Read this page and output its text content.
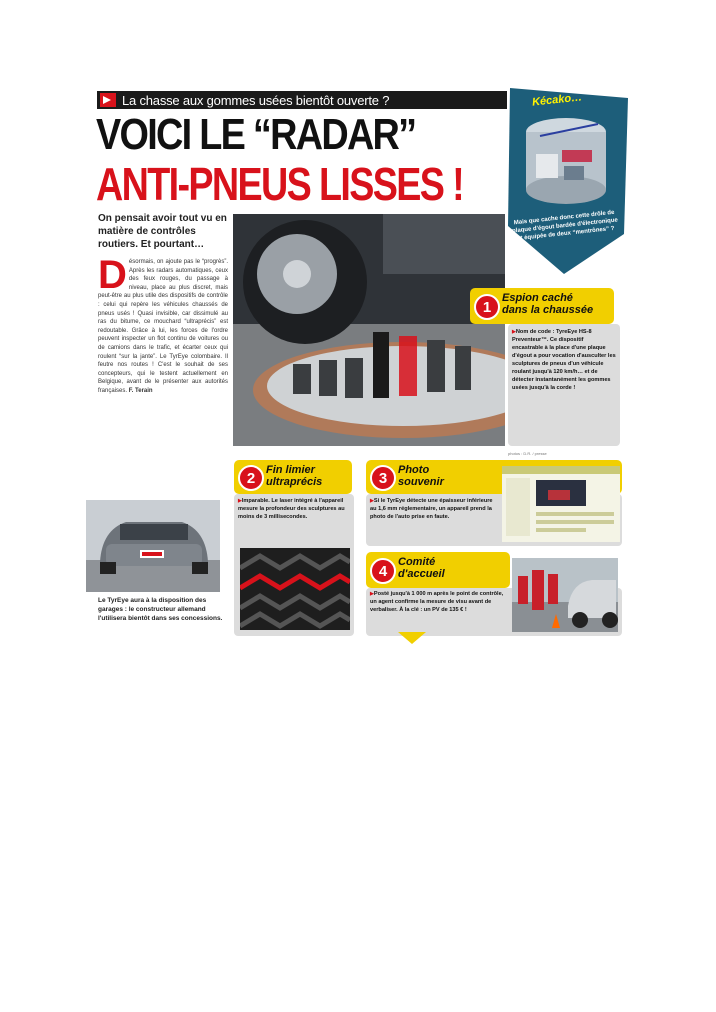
La chasse aux gommes usées bientôt ouverte ?
VOICI LE “RADAR”
ANTI-PNEUS LISSES !
Kécako…
Mais que cache donc cette drôle de plaque d'égout bardée d'électronique et équipée de deux “mentrônes” ?
On pensait avoir tout vu en matière de contrôles routiers. Et pourtant…
Désormais, on ajoute pas le “progrès”. Après les radars automatiques, ceux des feux rouges, du passage à niveau, place au plus discret, mais peut-être au plus utile des dispositifs de contrôle : celui qui repère les véhicules chaussés de pneus usés ! Quasi invisible, car dissimulé au ras du bitume, ce mouchard “ultraprécis” est redoutable. Grâce à lui, les forces de l'ordre peuvent inspecter un flot continu de voitures ou de camions dans le trafic, et écarter ceux qui roulent “sur la jante”. Le TyrEye colombaire. Il feutre nos routes ! C'est le souhait de ses concepteurs, qui le testent actuellement en Belgique, avant de le présenter aux autorités françaises. F. Terain
Le TyrEye aura à la disposition des garages : le constructeur allemand l'utilisera bientôt dans ses concessions.
photos : D.R. / presse
1
Espion caché
dans la chaussée
▶ Nom de code : TyreEye HS-8 Preventeur™. Ce dispositif encastrable à la place d'une plaque d'égout a pour vocation d'ausculter les sculptures de pneus d'un véhicule roulant jusqu'à 120 km/h… et de détecter instantanément les gommes usées jusqu'à la corde !
2 Fin limier
ultraprécis
▶ Imparable. Le laser intégré à l'appareil mesure la profondeur des sculptures au moins de 3 millisecondes.
3 Photo
souvenir
▶ Si le TyrEye détecte une épaisseur inférieure au 1,6 mm réglementaire, un appareil prend la photo de l'auto prise en faute.
4
Comité
d'accueil
▶ Posté jusqu'à 1 000 m après le point de contrôle, un agent confirme la mesure de visu avant de verbaliser. À la clé : un PV de 135 € !
